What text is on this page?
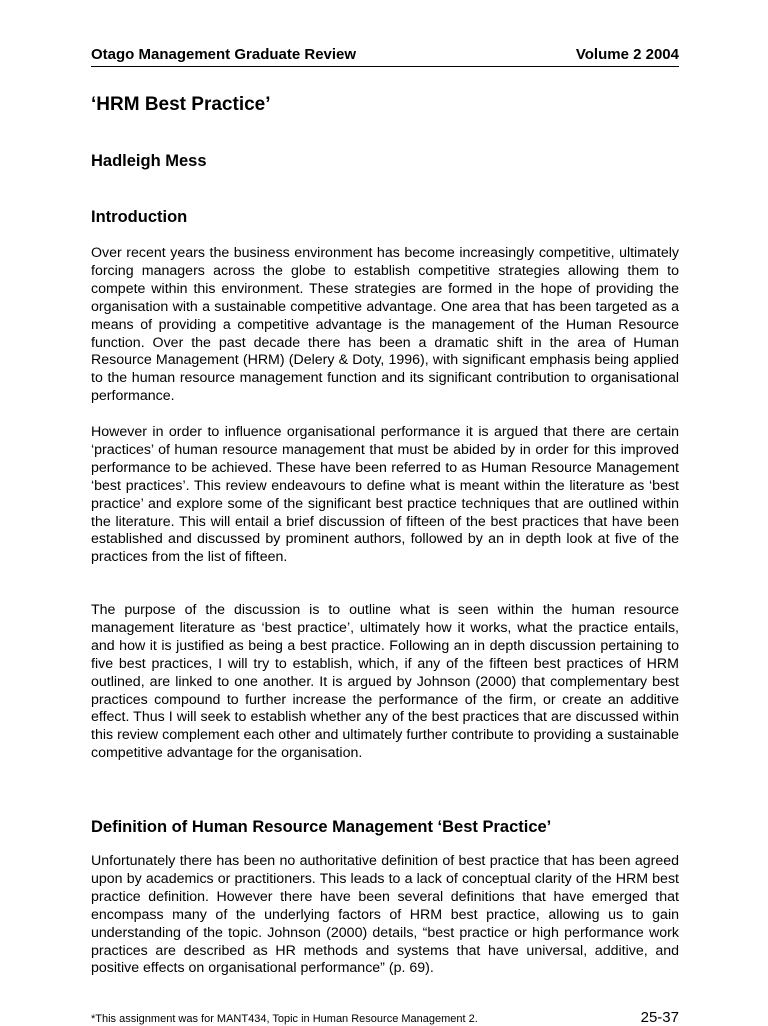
Otago Management Graduate Review	Volume 2 2004
‘HRM Best Practice’
Hadleigh Mess
Introduction

Over recent years the business environment has become increasingly competitive, ultimately forcing managers across the globe to establish competitive strategies allowing them to compete within this environment. These strategies are formed in the hope of providing the organisation with a sustainable competitive advantage. One area that has been targeted as a means of providing a competitive advantage is the management of the Human Resource function. Over the past decade there has been a dramatic shift in the area of Human Resource Management (HRM) (Delery & Doty, 1996), with significant emphasis being applied to the human resource management function and its significant contribution to organisational performance.

However in order to influence organisational performance it is argued that there are certain ‘practices’ of human resource management that must be abided by in order for this improved performance to be achieved. These have been referred to as Human Resource Management ‘best practices’. This review endeavours to define what is meant within the literature as ‘best practice’ and explore some of the significant best practice techniques that are outlined within the literature. This will entail a brief discussion of fifteen of the best practices that have been established and discussed by prominent authors, followed by an in depth look at five of the practices from the list of fifteen.

The purpose of the discussion is to outline what is seen within the human resource management literature as ‘best practice’, ultimately how it works, what the practice entails, and how it is justified as being a best practice. Following an in depth discussion pertaining to five best practices, I will try to establish, which, if any of the fifteen best practices of HRM outlined, are linked to one another. It is argued by Johnson (2000) that complementary best practices compound to further increase the performance of the firm, or create an additive effect. Thus I will seek to establish whether any of the best practices that are discussed within this review complement each other and ultimately further contribute to providing a sustainable competitive advantage for the organisation.

Definition of Human Resource Management ‘Best Practice’

Unfortunately there has been no authoritative definition of best practice that has been agreed upon by academics or practitioners. This leads to a lack of conceptual clarity of the HRM best practice definition. However there have been several definitions that have emerged that encompass many of the underlying factors of HRM best practice, allowing us to gain understanding of the topic. Johnson (2000) details, “best practice or high performance work practices are described as HR methods and systems that have universal, additive, and positive effects on organisational performance” (p. 69).

*This assignment was for MANT434, Topic in Human Resource Management 2.	25-37
